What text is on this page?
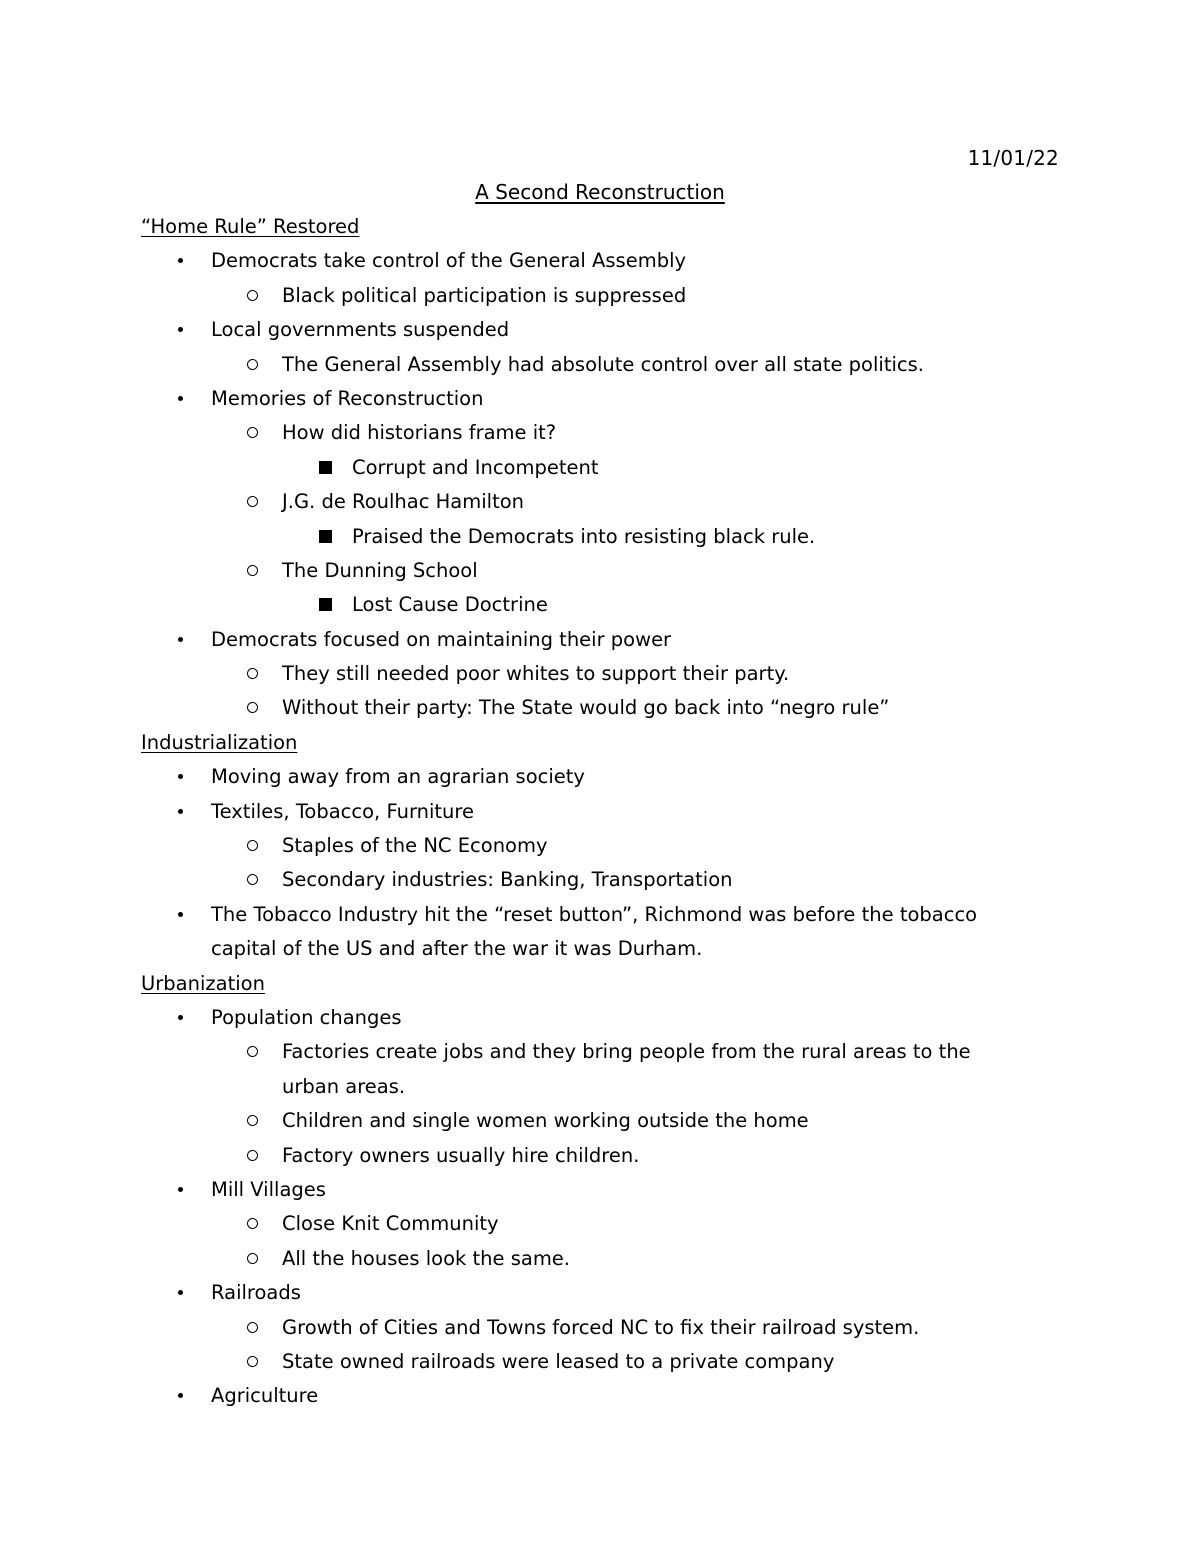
11/01/22
A Second Reconstruction
“Home Rule” Restored
Democrats take control of the General Assembly
Black political participation is suppressed
Local governments suspended
The General Assembly had absolute control over all state politics.
Memories of Reconstruction
How did historians frame it?
Corrupt and Incompetent
J.G. de Roulhac Hamilton
Praised the Democrats into resisting black rule.
The Dunning School
Lost Cause Doctrine
Democrats focused on maintaining their power
They still needed poor whites to support their party.
Without their party: The State would go back into “negro rule”
Industrialization
Moving away from an agrarian society
Textiles, Tobacco, Furniture
Staples of the NC Economy
Secondary industries: Banking, Transportation
The Tobacco Industry hit the “reset button”, Richmond was before the tobacco
capital of the US and after the war it was Durham.
Urbanization
Population changes
Factories create jobs and they bring people from the rural areas to the
urban areas.
Children and single women working outside the home
Factory owners usually hire children.
Mill Villages
Close Knit Community
All the houses look the same.
Railroads
Growth of Cities and Towns forced NC to fix their railroad system.
State owned railroads were leased to a private company
Agriculture
